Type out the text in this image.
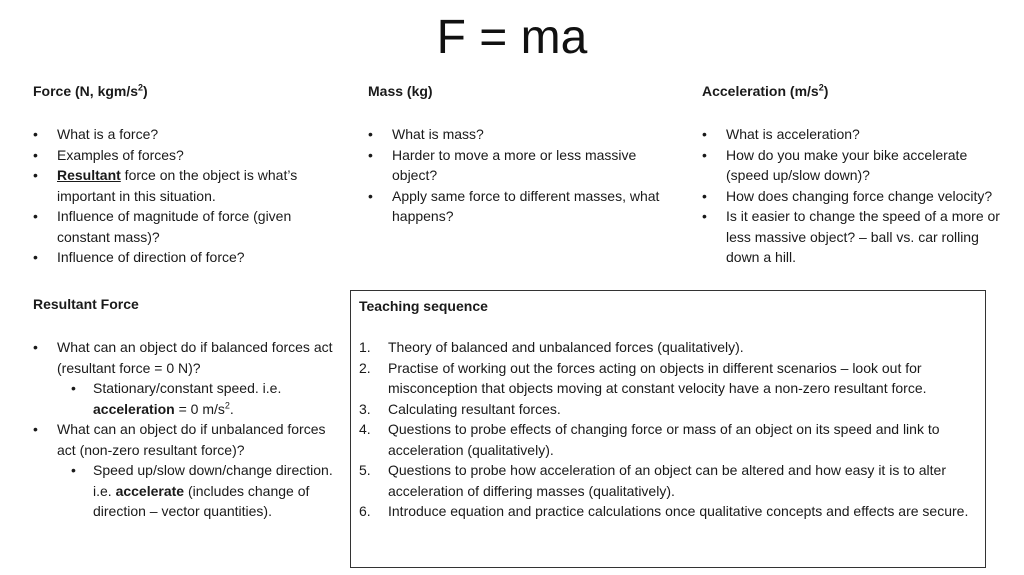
F = ma
Force (N, kgm/$s^2$)
• What is a force?
• Examples of forces?
• Resultant force on the object is what’s important in this situation.
• Influence of magnitude of force (given constant mass)?
• Influence of direction of force?
Mass (kg)
• What is mass?
• Harder to move a more or less massive object?
• Apply same force to different masses, what happens?
Acceleration $(m/s^2)$
• What is acceleration?
• How do you make your bike accelerate (speed up/slow down)?
• How does changing force change velocity?
• Is it easier to change the speed of a more or less massive object? – ball vs. car rolling down a hill.
Resultant Force
• What can an object do if balanced forces act (resultant force = 0 N)?
• Stationary/constant speed. i.e.
acceleration = 0 $m/s^2$.
• What can an object do if unbalanced forces act (non-zero resultant force)?
• Speed up/slow down/change direction. i.e. accelerate (includes change of direction – vector quantities).
Teaching sequence
1. Theory of balanced and unbalanced forces (qualitatively).
2. Practise of working out the forces acting on objects in different scenarios – look out for misconception that objects moving at constant velocity have a non-zero resultant force.
3. Calculating resultant forces.
4. Questions to probe effects of changing force or mass of an object on its speed and link to acceleration (qualitatively).
5. Questions to probe how acceleration of an object can be altered and how easy it is to alter acceleration of differing masses (qualitatively).
6. Introduce equation and practice calculations once qualitative concepts and effects are secure.
